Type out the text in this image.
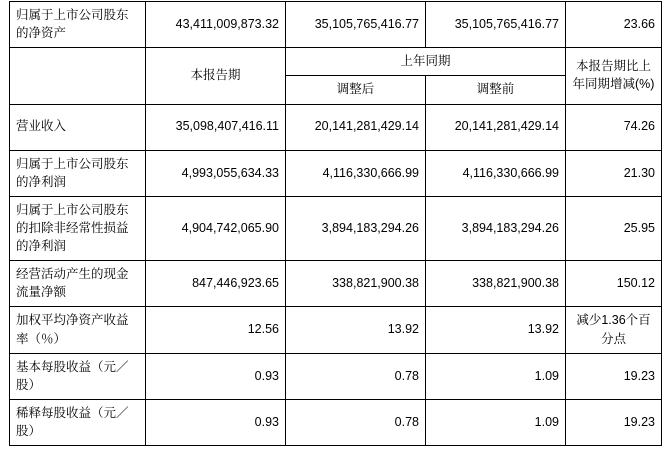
归属于上市公司股东的净资产	43,411,009,873.32	35,105,765,416.77	35,105,765,416.77	23.66
	本报告期	上年同期		本报告期比上年同期增减(%)
		调整后	调整前	
营业收入	35,098,407,416.11	20,141,281,429.14	20,141,281,429.14	74.26
归属于上市公司股东的净利润	4,993,055,634.33	4,116,330,666.99	4,116,330,666.99	21.30
归属于上市公司股东的扣除非经常性损益的净利润	4,904,742,065.90	3,894,183,294.26	3,894,183,294.26	25.95
经营活动产生的现金流量净额	847,446,923.65	338,821,900.38	338,821,900.38	150.12
加权平均净资产收益率（％）	12.56	13.92	13.92	减少1.36个百分点
基本每股收益（元／股）	0.93	0.78	1.09	19.23
稀释每股收益（元／股）	0.93	0.78	1.09	19.23
